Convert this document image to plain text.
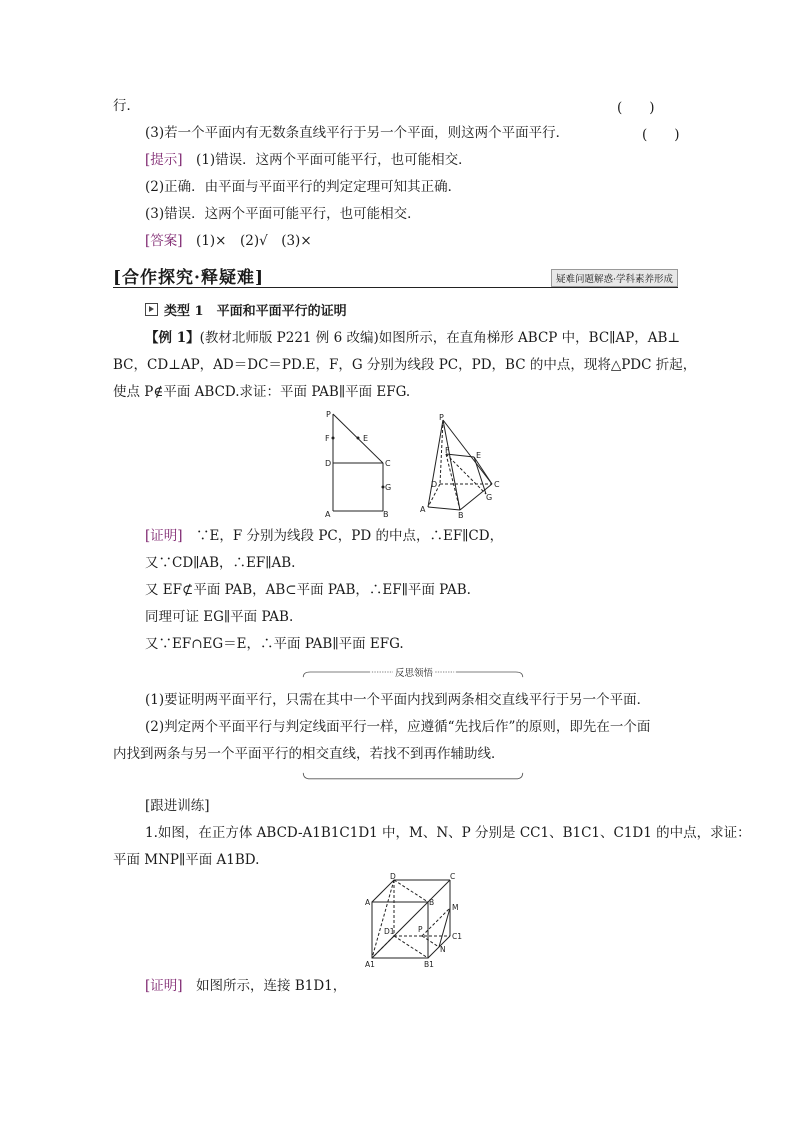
行．	(　　)
(3)若一个平面内有无数条直线平行于另一个平面，则这两个平面平行．	(　　)
[提示]　 (1)错误．这两个平面可能平行，也可能相交．
(2)正确．由平面与平面平行的判定定理可知其正确．
(3)错误．这两个平面可能平行，也可能相交．
[答案]　 (1)×　(2)√　(3)×
[合作探究·释疑难]	疑难问题解惑·学科素养形成
类型 1　平面和平面平行的证明
【例 1】(教材北师版 P221 例 6 改编)如图所示，在直角梯形 ABCP 中，BC∥AP，AB⊥
BC，CD⊥AP，AD＝DC＝PD.E，F，G 分别为线段 PC，PD，BC 的中点，现将△PDC 折起，
使点 P∉平面 ABCD.求证：平面 PAB∥平面 EFG.
P
F	E
D	C
G
A	B
P
F
E
D	C
G
A
B
[证明]　 ∵E，F 分别为线段 PC，PD 的中点，∴EF∥CD，
又∵CD∥AB，∴EF∥AB.
又 EF⊄平面 PAB，AB⊂平面 PAB，∴EF∥平面 PAB.
同理可证 EG∥平面 PAB.
又∵EF∩EG＝E，∴平面 PAB∥平面 EFG.
反思领悟
(1)要证明两平面平行，只需在其中一个平面内找到两条相交直线平行于另一个平面．
(2)判定两个平面平行与判定线面平行一样，应遵循“先找后作”的原则，即先在一个面
内找到两条与另一个平面平行的相交直线，若找不到再作辅助线．
[跟进训练]
1.如图，在正方体 ABCD-A1B1C1D1 中，M、N、P 分别是 CC1、B1C1、C1D1 的中点，求证：
平面 MNP∥平面 A1BD.
D	C
A	B
M
D1	P
C1
N
A1	B1
[证明]　 如图所示，连接 B1D1，
